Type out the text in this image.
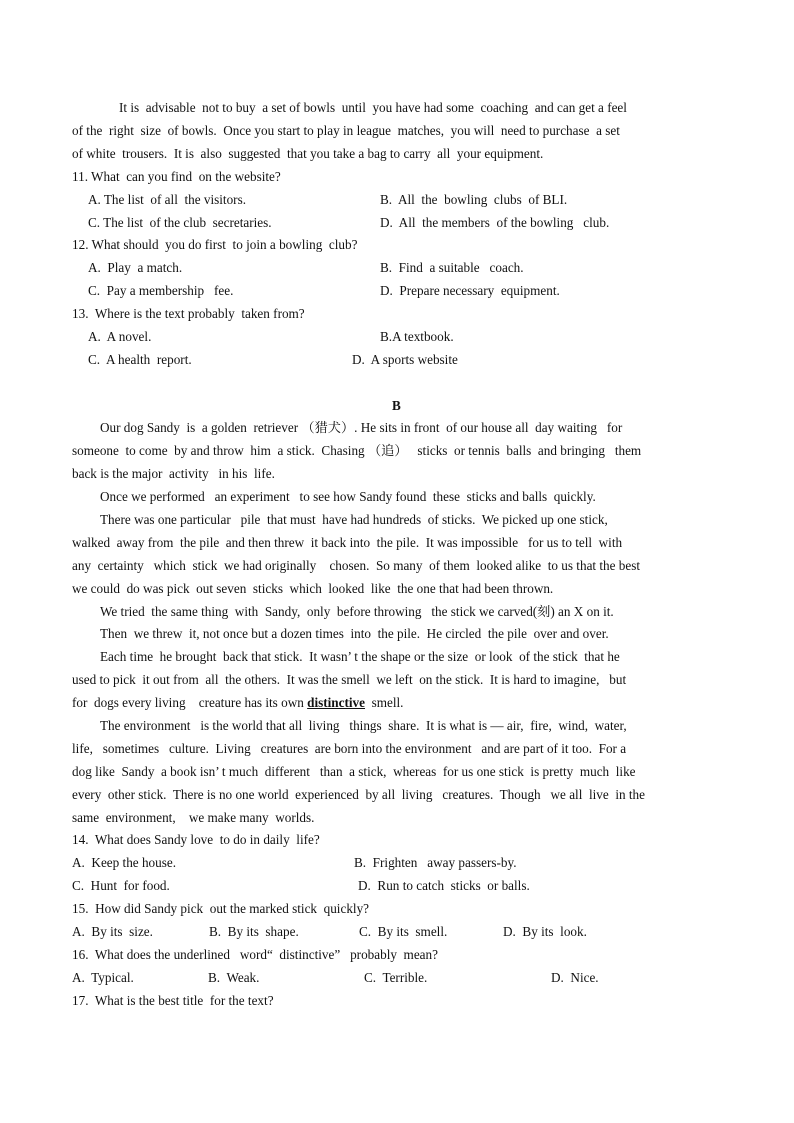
It is  advisable  not to buy  a set of bowls  until  you have had some  coaching  and can get a feel
of the  right  size  of bowls.  Once you start to play in league  matches,  you will  need to purchase  a set
of white  trousers.  It is  also  suggested  that you take a bag to carry  all  your equipment.
11. What  can you find  on the website?
A. The list  of all  the visitors.	B.  All  the  bowling  clubs  of BLI.
C. The list  of the club  secretaries.	D.  All  the members  of the bowling   club.
12. What should  you do first  to join a bowling  club?
A.  Play  a match.	B.  Find  a suitable   coach.
C.  Pay a membership   fee.	D.  Prepare necessary  equipment.
13.  Where is the text probably  taken from?
A.  A novel.	B.A textbook.
C.  A health  report.	D.  A sports website
B
Our dog Sandy  is  a golden  retriever （猎犬）. He sits in front  of our house all  day waiting   for
someone  to come  by and throw  him  a stick.  Chasing （追）   sticks  or tennis  balls  and bringing   them
back is the major  activity   in his  life.
Once we performed   an experiment   to see how Sandy found  these  sticks and balls  quickly.
There was one particular   pile  that must  have had hundreds  of sticks.  We picked up one stick,
walked  away from  the pile  and then threw  it back into  the pile.  It was impossible   for us to tell  with
any  certainty   which  stick  we had originally    chosen.  So many  of them  looked alike  to us that the best
we could  do was pick  out seven  sticks  which  looked  like  the one that had been thrown.
We tried  the same thing  with  Sandy,  only  before throwing   the stick we carved(刻) an X on it.
Then  we threw  it, not once but a dozen times  into  the pile.  He circled  the pile  over and over.
Each time  he brought  back that stick.  It wasn’ t the shape or the size  or look  of the stick  that he
used to pick  it out from  all  the others.  It was the smell  we left  on the stick.  It is hard to imagine,   but
for  dogs every living    creature has its own distinctive  smell.
The environment   is the world that all  living   things  share.  It is what is — air,  fire,  wind,  water,
life,   sometimes   culture.  Living   creatures  are born into the environment   and are part of it too.  For a
dog like  Sandy  a book isn’ t much  different   than  a stick,  whereas  for us one stick  is pretty  much  like
every  other stick.  There is no one world  experienced  by all  living   creatures.  Though   we all  live  in the
same  environment,    we make many  worlds.
14.  What does Sandy love  to do in daily  life?
A.  Keep the house.	B.  Frighten   away passers-by.
C.  Hunt  for food.	D.  Run to catch  sticks  or balls.
15.  How did Sandy pick  out the marked stick  quickly?
A.  By its  size.	B.  By its  shape.	C.  By its  smell.	D.  By its  look.
16.  What does the underlined   word“  distinctive”   probably  mean?
A.  Typical.	B.  Weak.	C.  Terrible.	D.  Nice.
17.  What is the best title  for the text?
